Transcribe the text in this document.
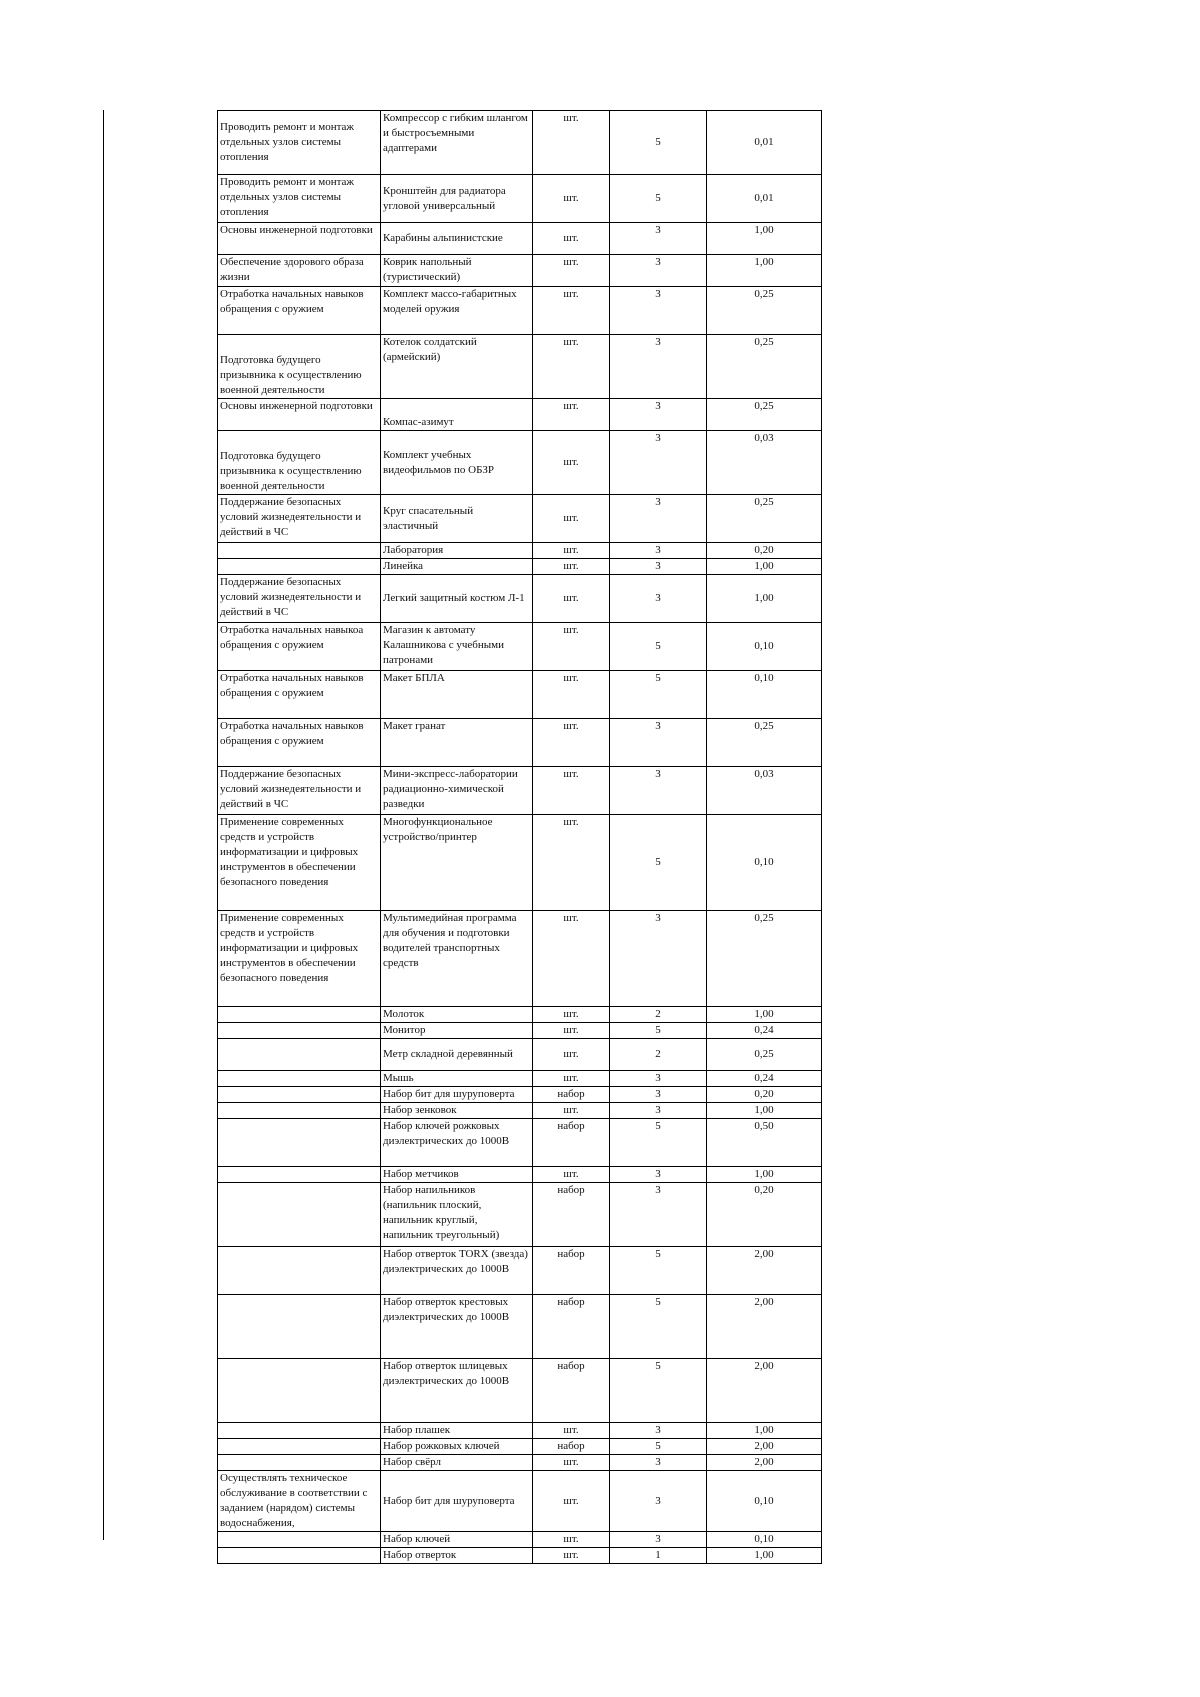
Проводить ремонт и монтаж отдельных узлов системы отопления	Компрессор с гибким шлангом и быстросъемными адаптерами	шт.	5	0,01
Проводить ремонт и монтаж отдельных узлов системы отопления	Кронштейн для радиатора угловой универсальный	шт.	5	0,01
Основы инженерной подготовки	Карабины альпинистские	шт.	3	1,00
Обеспечение здорового образа жизни	Коврик напольный (туристический)	шт.	3	1,00
Отработка начальных навыков обращения с оружием	Комплект массо-габаритных моделей оружия	шт.	3	0,25
Подготовка будущего призывника к осуществлению военной деятельности	Котелок солдатский (армейский)	шт.	3	0,25
Основы инженерной подготовки	Компас-азимут	шт.	3	0,25
Подготовка будущего призывника к осуществлению военной деятельности	Комплект учебных видеофильмов по ОБЗР	шт.	3	0,03
Поддержание безопасных условий жизнедеятельности и действий в ЧС	Круг спасательный эластичный	шт.	3	0,25
	Лаборатория	шт.	3	0,20
	Линейка	шт.	3	1,00
Поддержание безопасных условий жизнедеятельности и действий в ЧС	Легкий защитный костюм Л-1	шт.	3	1,00
Отработка начальных навыкоа обращения с оружием	Магазин к автомату Калашникова с учебными патронами	шт.	5	0,10
Отработка начальных навыков обращения с оружием	Макет БПЛА	шт.	5	0,10
Отработка начальных навыков обращения с оружием	Макет гранат	шт.	3	0,25
Поддержание безопасных условий жизнедеятельности и действий в ЧС	Мини-экспресс-лаборатории радиационно-химической разведки	шт.	3	0,03
Применение современных средств и устройств информатизации и цифровых инструментов в обеспечении безопасного поведения	Многофункциональное устройство/принтер	шт.	5	0,10
Применение современных средств и устройств информатизации и цифровых инструментов в обеспечении безопасного поведения	Мультимедийная программа для обучения и подготовки водителей транспортных средств	шт.	3	0,25
	Молоток	шт.	2	1,00
	Монитор	шт.	5	0,24
	Метр складной деревянный	шт.	2	0,25
	Мышь	шт.	3	0,24
	Набор бит для шуруповерта	набор	3	0,20
	Набор зенковок	шт.	3	1,00
	Набор ключей рожковых диэлектрических до 1000В	набор	5	0,50
	Набор метчиков	шт.	3	1,00
	Набор напильников (напильник плоский, напильник круглый, напильник треугольный)	набор	3	0,20
	Набор отверток TORX (звезда) диэлектрических до 1000В	набор	5	2,00
	Набор отверток крестовых диэлектрических до 1000В	набор	5	2,00
	Набор отверток шлицевых диэлектрических до 1000В	набор	5	2,00
	Набор плашек	шт.	3	1,00
	Набор рожковых ключей	набор	5	2,00
	Набор свёрл	шт.	3	2,00
Осуществлять техническое обслуживание в соответствии с заданием (нарядом) системы водоснабжения,	Набор бит для шуруповерта	шт.	3	0,10
	Набор ключей	шт.	3	0,10
	Набор отверток	шт.	1	1,00
